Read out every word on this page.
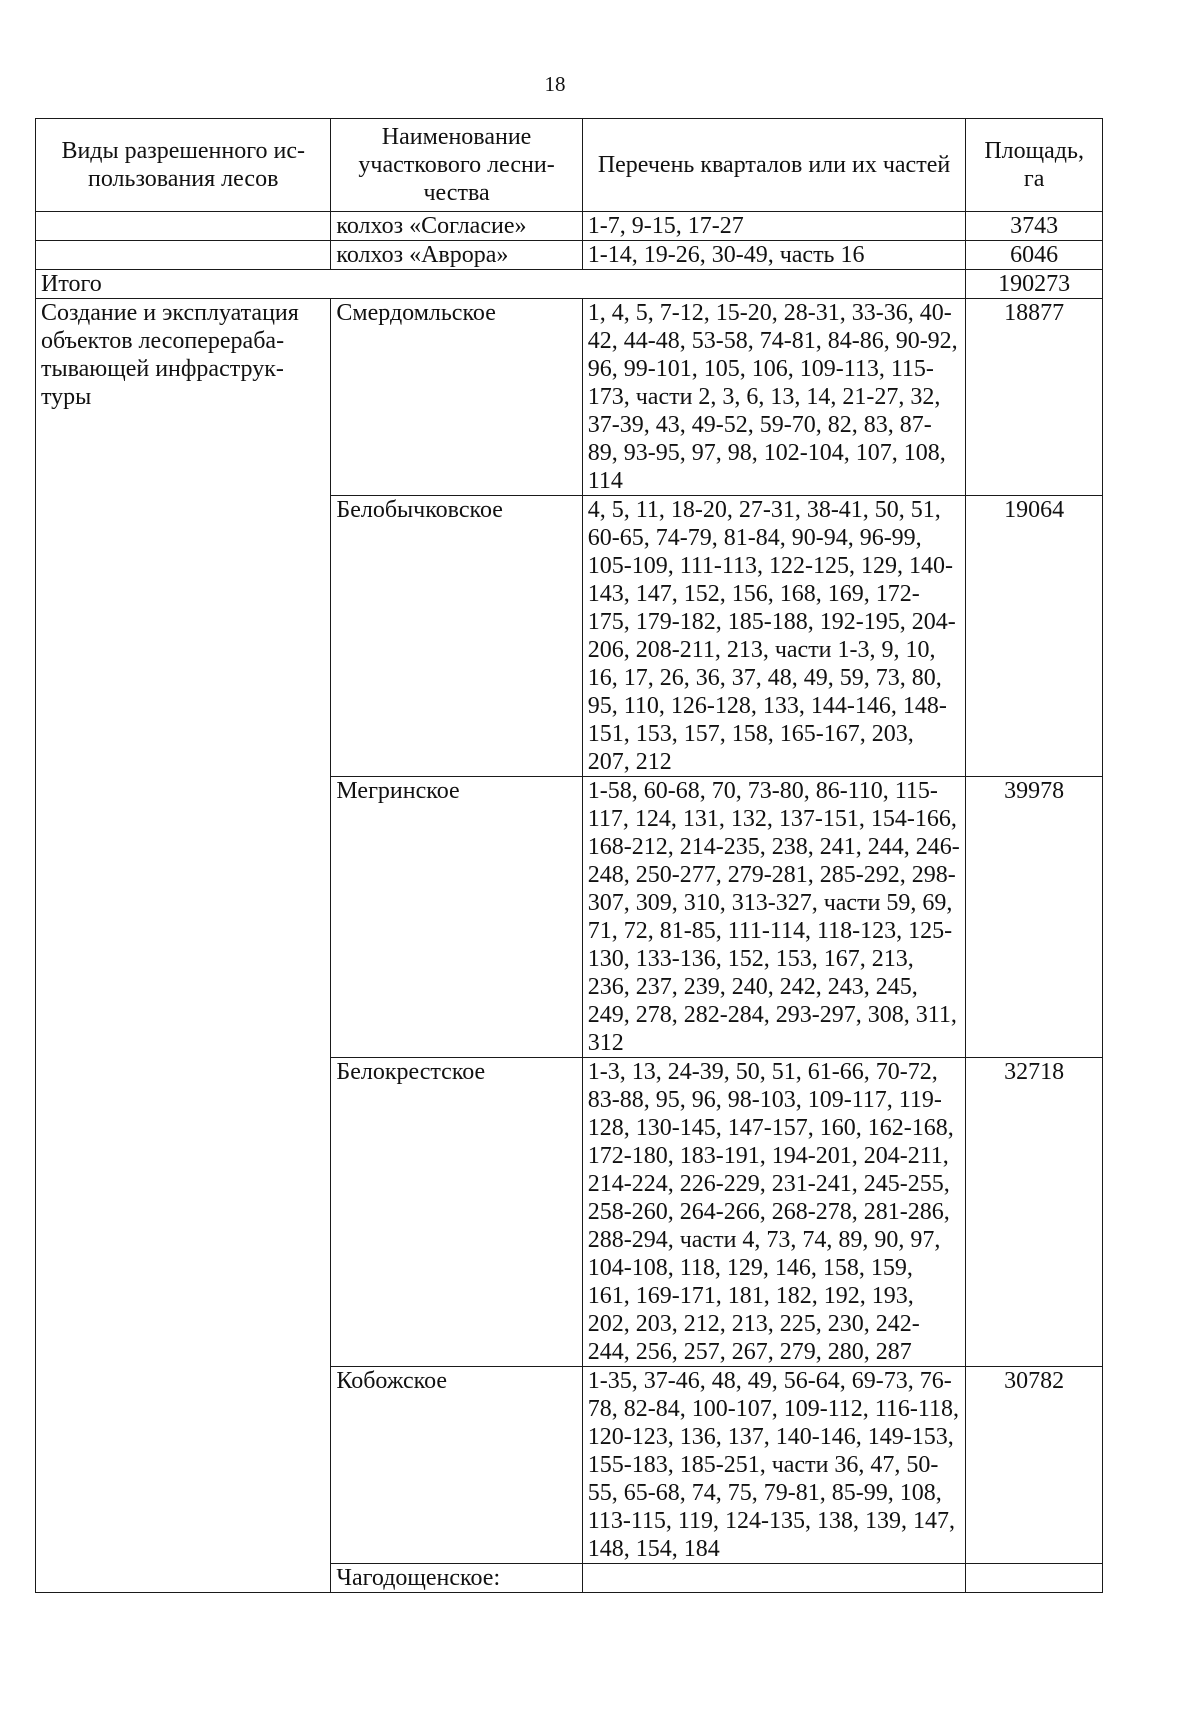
18
Виды разрешенного ис-пользования лесов	Наименование участкового лесни-чества	Перечень кварталов или их частей	Площадь, га
	колхоз «Согласие»	1-7, 9-15, 17-27	3743
	колхоз «Аврора»	1-14, 19-26, 30-49, часть 16	6046
Итого			190273
Создание и эксплуатация объектов лесоперераба-тывающей инфраструк-туры	Смердомльское	1, 4, 5, 7-12, 15-20, 28-31, 33-36, 40-42, 44-48, 53-58, 74-81, 84-86, 90-92, 96, 99-101, 105, 106, 109-113, 115-173, части 2, 3, 6, 13, 14, 21-27, 32, 37-39, 43, 49-52, 59-70, 82, 83, 87-89, 93-95, 97, 98, 102-104, 107, 108, 114	18877
	Белобычковское	4, 5, 11, 18-20, 27-31, 38-41, 50, 51, 60-65, 74-79, 81-84, 90-94, 96-99, 105-109, 111-113, 122-125, 129, 140-143, 147, 152, 156, 168, 169, 172-175, 179-182, 185-188, 192-195, 204-206, 208-211, 213, части 1-3, 9, 10, 16, 17, 26, 36, 37, 48, 49, 59, 73, 80, 95, 110, 126-128, 133, 144-146, 148-151, 153, 157, 158, 165-167, 203, 207, 212	19064
	Мегринское	1-58, 60-68, 70, 73-80, 86-110, 115-117, 124, 131, 132, 137-151, 154-166, 168-212, 214-235, 238, 241, 244, 246-248, 250-277, 279-281, 285-292, 298-307, 309, 310, 313-327, части 59, 69, 71, 72, 81-85, 111-114, 118-123, 125-130, 133-136, 152, 153, 167, 213, 236, 237, 239, 240, 242, 243, 245, 249, 278, 282-284, 293-297, 308, 311, 312	39978
	Белокрестское	1-3, 13, 24-39, 50, 51, 61-66, 70-72, 83-88, 95, 96, 98-103, 109-117, 119-128, 130-145, 147-157, 160, 162-168, 172-180, 183-191, 194-201, 204-211, 214-224, 226-229, 231-241, 245-255, 258-260, 264-266, 268-278, 281-286, 288-294, части 4, 73, 74, 89, 90, 97, 104-108, 118, 129, 146, 158, 159, 161, 169-171, 181, 182, 192, 193, 202, 203, 212, 213, 225, 230, 242-244, 256, 257, 267, 279, 280, 287	32718
	Кобожское	1-35, 37-46, 48, 49, 56-64, 69-73, 76-78, 82-84, 100-107, 109-112, 116-118, 120-123, 136, 137, 140-146, 149-153, 155-183, 185-251, части 36, 47, 50-55, 65-68, 74, 75, 79-81, 85-99, 108, 113-115, 119, 124-135, 138, 139, 147, 148, 154, 184	30782
	Чагодощенское:		
